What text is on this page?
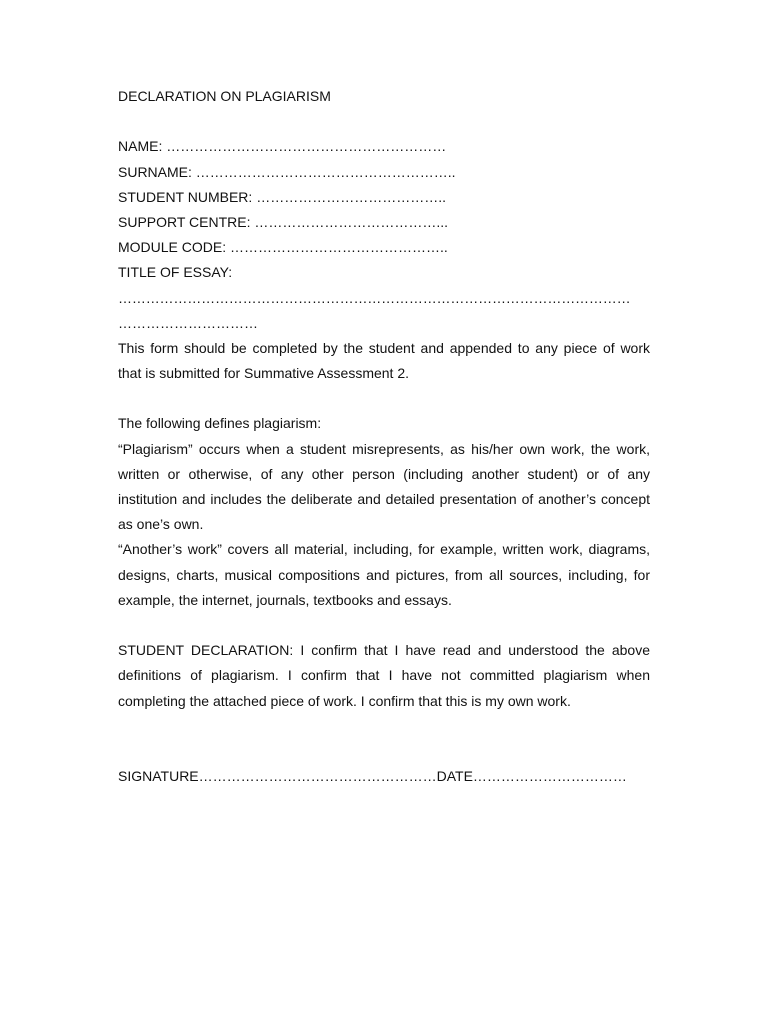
DECLARATION ON PLAGIARISM
NAME: ……………………………………………………
SURNAME: ………………………………………………..
STUDENT NUMBER: …………………………………..
SUPPORT CENTRE: …………………………………...
MODULE CODE: ………………………………………..
TITLE OF ESSAY:
…………………………………………………………………………………………………
…………………………
This form should be completed by the student and appended to any piece of work that is submitted for Summative Assessment 2.
The following defines plagiarism:
“Plagiarism” occurs when a student misrepresents, as his/her own work, the work, written or otherwise, of any other person (including another student) or of any institution and includes the deliberate and detailed presentation of another’s concept as one’s own.
“Another’s work” covers all material, including, for example, written work, diagrams, designs, charts, musical compositions and pictures, from all sources, including, for example, the internet, journals, textbooks and essays.
STUDENT DECLARATION: I confirm that I have read and understood the above definitions of plagiarism. I confirm that I have not committed plagiarism when completing the attached piece of work. I confirm that this is my own work.
SIGNATURE……………………………………………DATE……………………………
